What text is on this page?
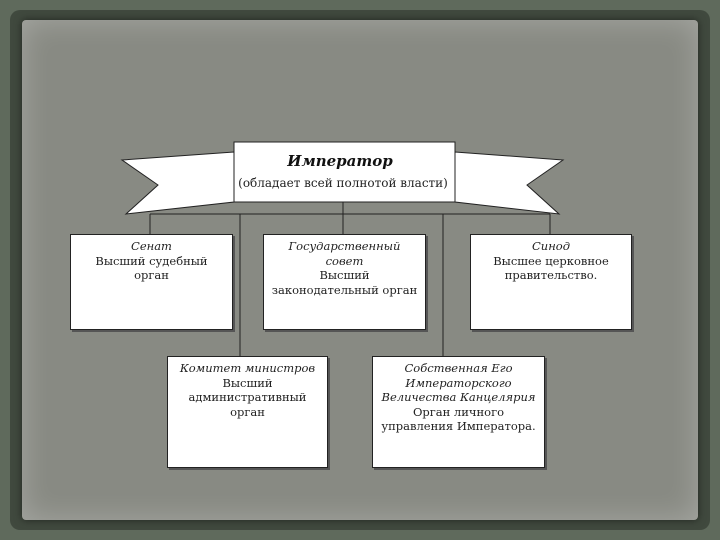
Император
(обладает всей полнотой власти)
Сенат
Высший судебный орган
Государственный совет
Высший законодательный орган
Синод
Высшее церковное правительство.
Комитет министров
Высший административный орган
Собственная Его Императорского Величества Канцелярия
Орган личного управления Императора.
